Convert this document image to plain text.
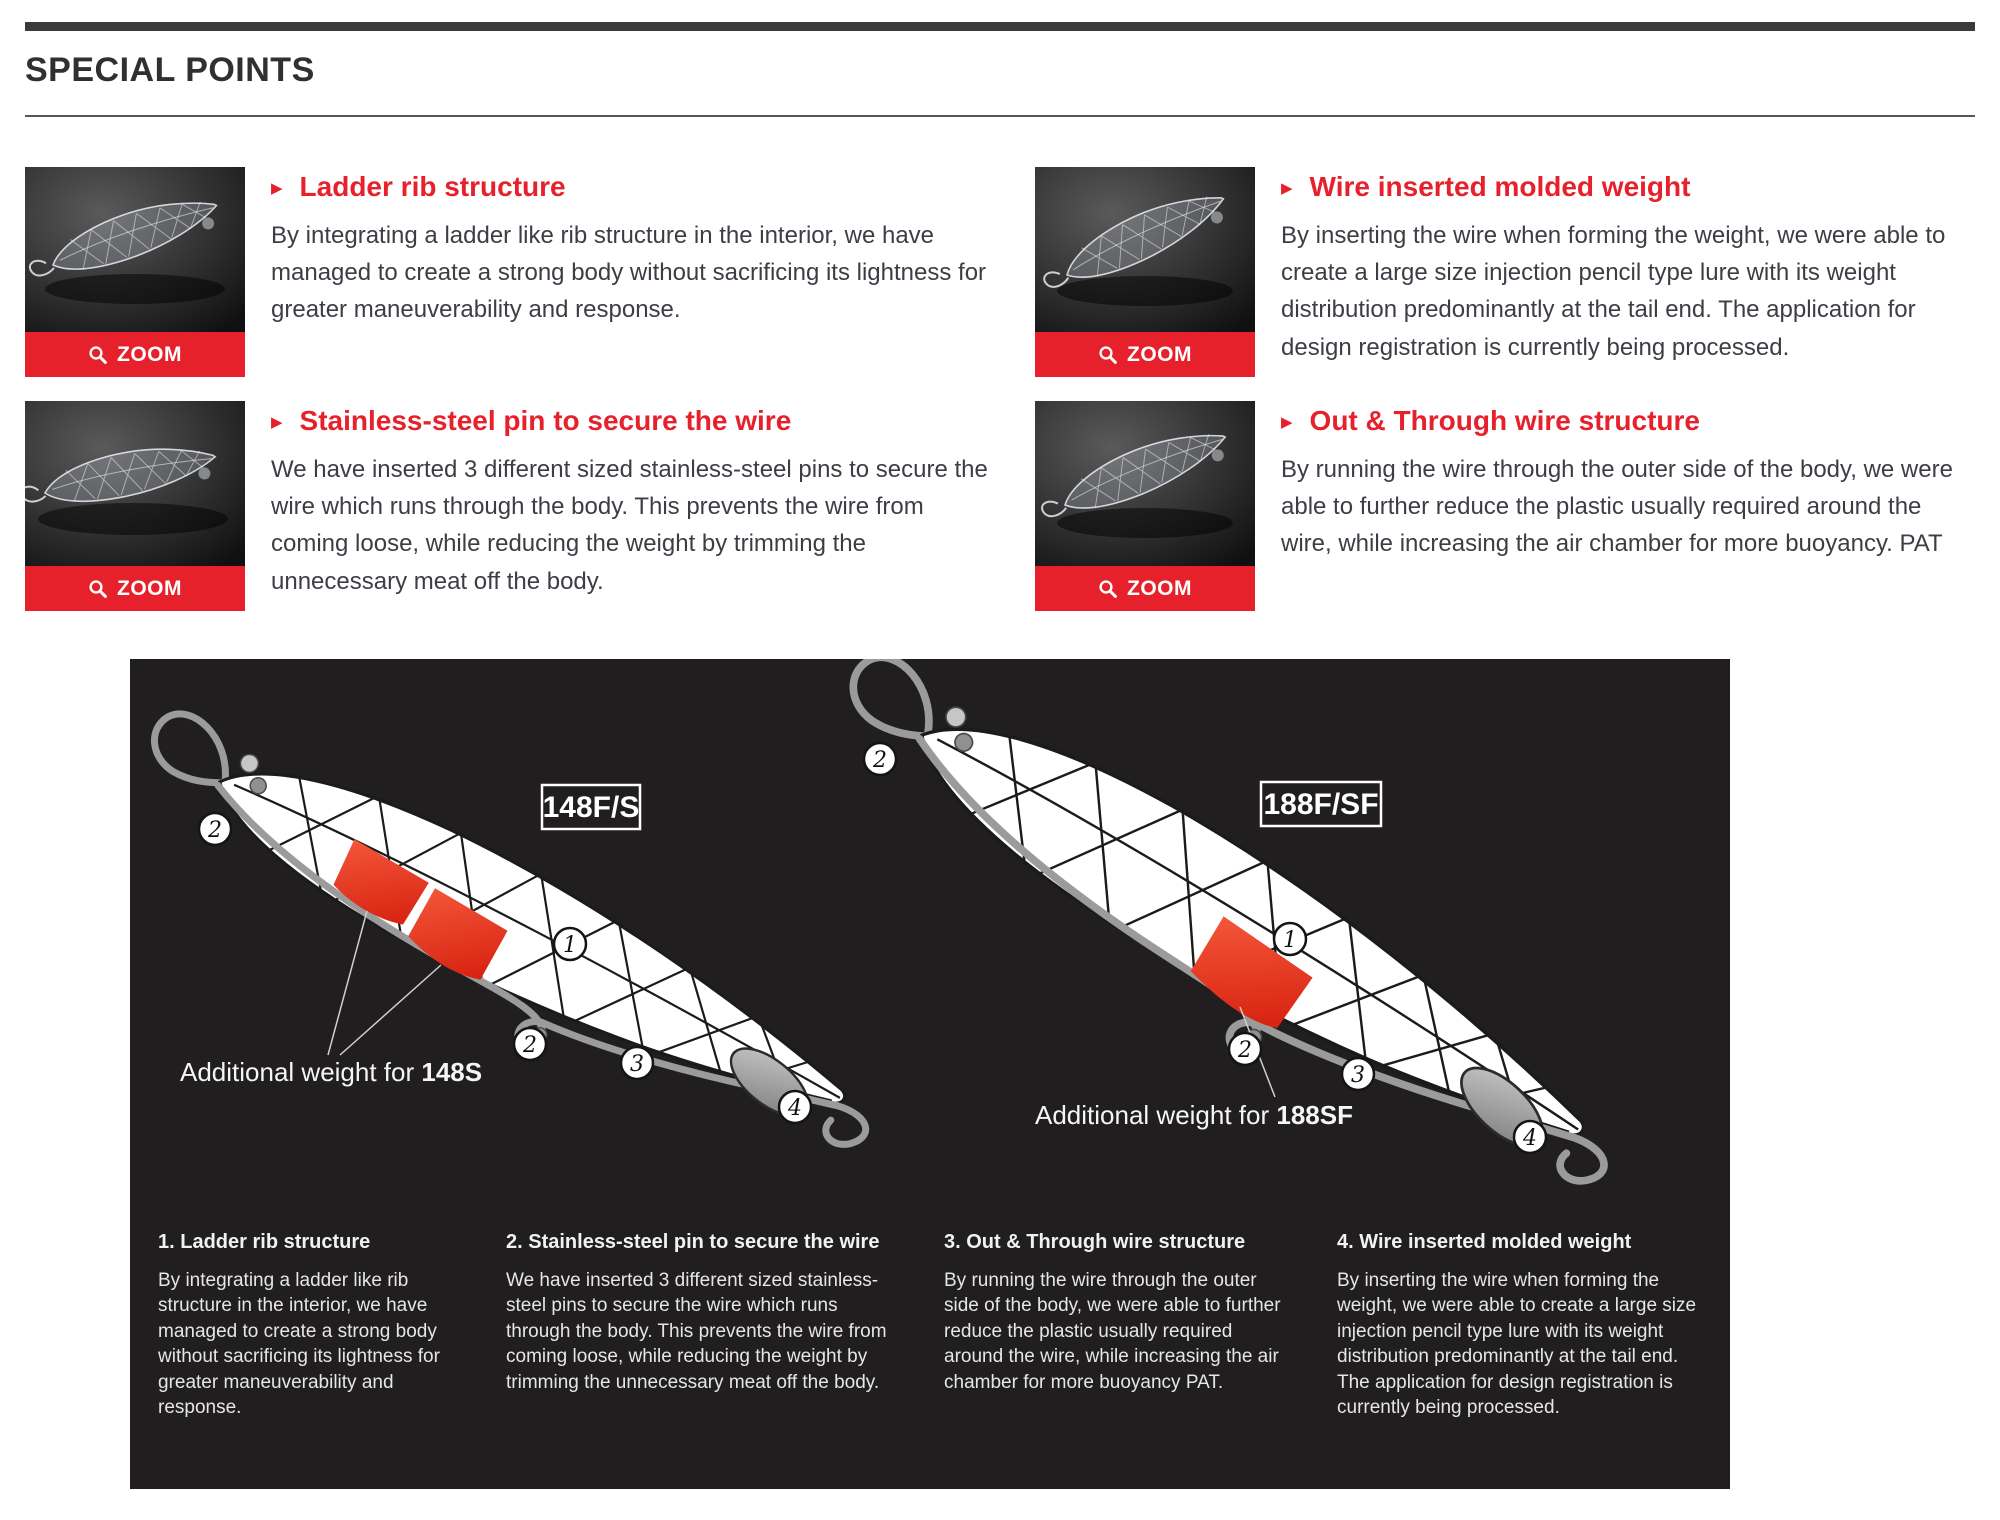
SPECIAL POINTS
ZOOM
▶ Ladder rib structure

By integrating a ladder like rib structure in the interior, we have managed to create a strong body without sacrificing its lightness for greater maneuverability and response.

ZOOM
▶ Wire inserted molded weight

By inserting the wire when forming the weight, we were able to create a large size injection pencil type lure with its weight distribution predominantly at the tail end. The application for design registration is currently being processed.

ZOOM
▶ Stainless-steel pin to secure the wire

We have inserted 3 different sized stainless-steel pins to secure the wire which runs through the body. This prevents the wire from coming loose, while reducing the weight by trimming the unnecessary meat off the body.	ZOOM
▶ Out & Through wire structure

By running the wire through the outer side of the body, we were able to further reduce the plastic usually required around the wire, while increasing the air chamber for more buoyancy. PAT

148F/S
Additional weight for 148S
188F/SF
Additional weight for 188SF
2
1
2
3
4
2
1
2
3
4
1. Ladder rib structure

By integrating a ladder like rib structure in the interior, we have managed to create a strong body without sacrificing its lightness for greater maneuverability and response.

2. Stainless-steel pin to secure the wire

We have inserted 3 different sized stainless-steel pins to secure the wire which runs through the body. This prevents the wire from coming loose, while reducing the weight by trimming the unnecessary meat off the body.

3. Out & Through wire structure

By running the wire through the outer side of the body, we were able to further reduce the plastic usually required around the wire, while increasing the air chamber for more buoyancy PAT.

4. Wire inserted molded weight

By inserting the wire when forming the weight, we were able to create a large size injection pencil type lure with its weight distribution predominantly at the tail end. The application for design registration is currently being processed.
